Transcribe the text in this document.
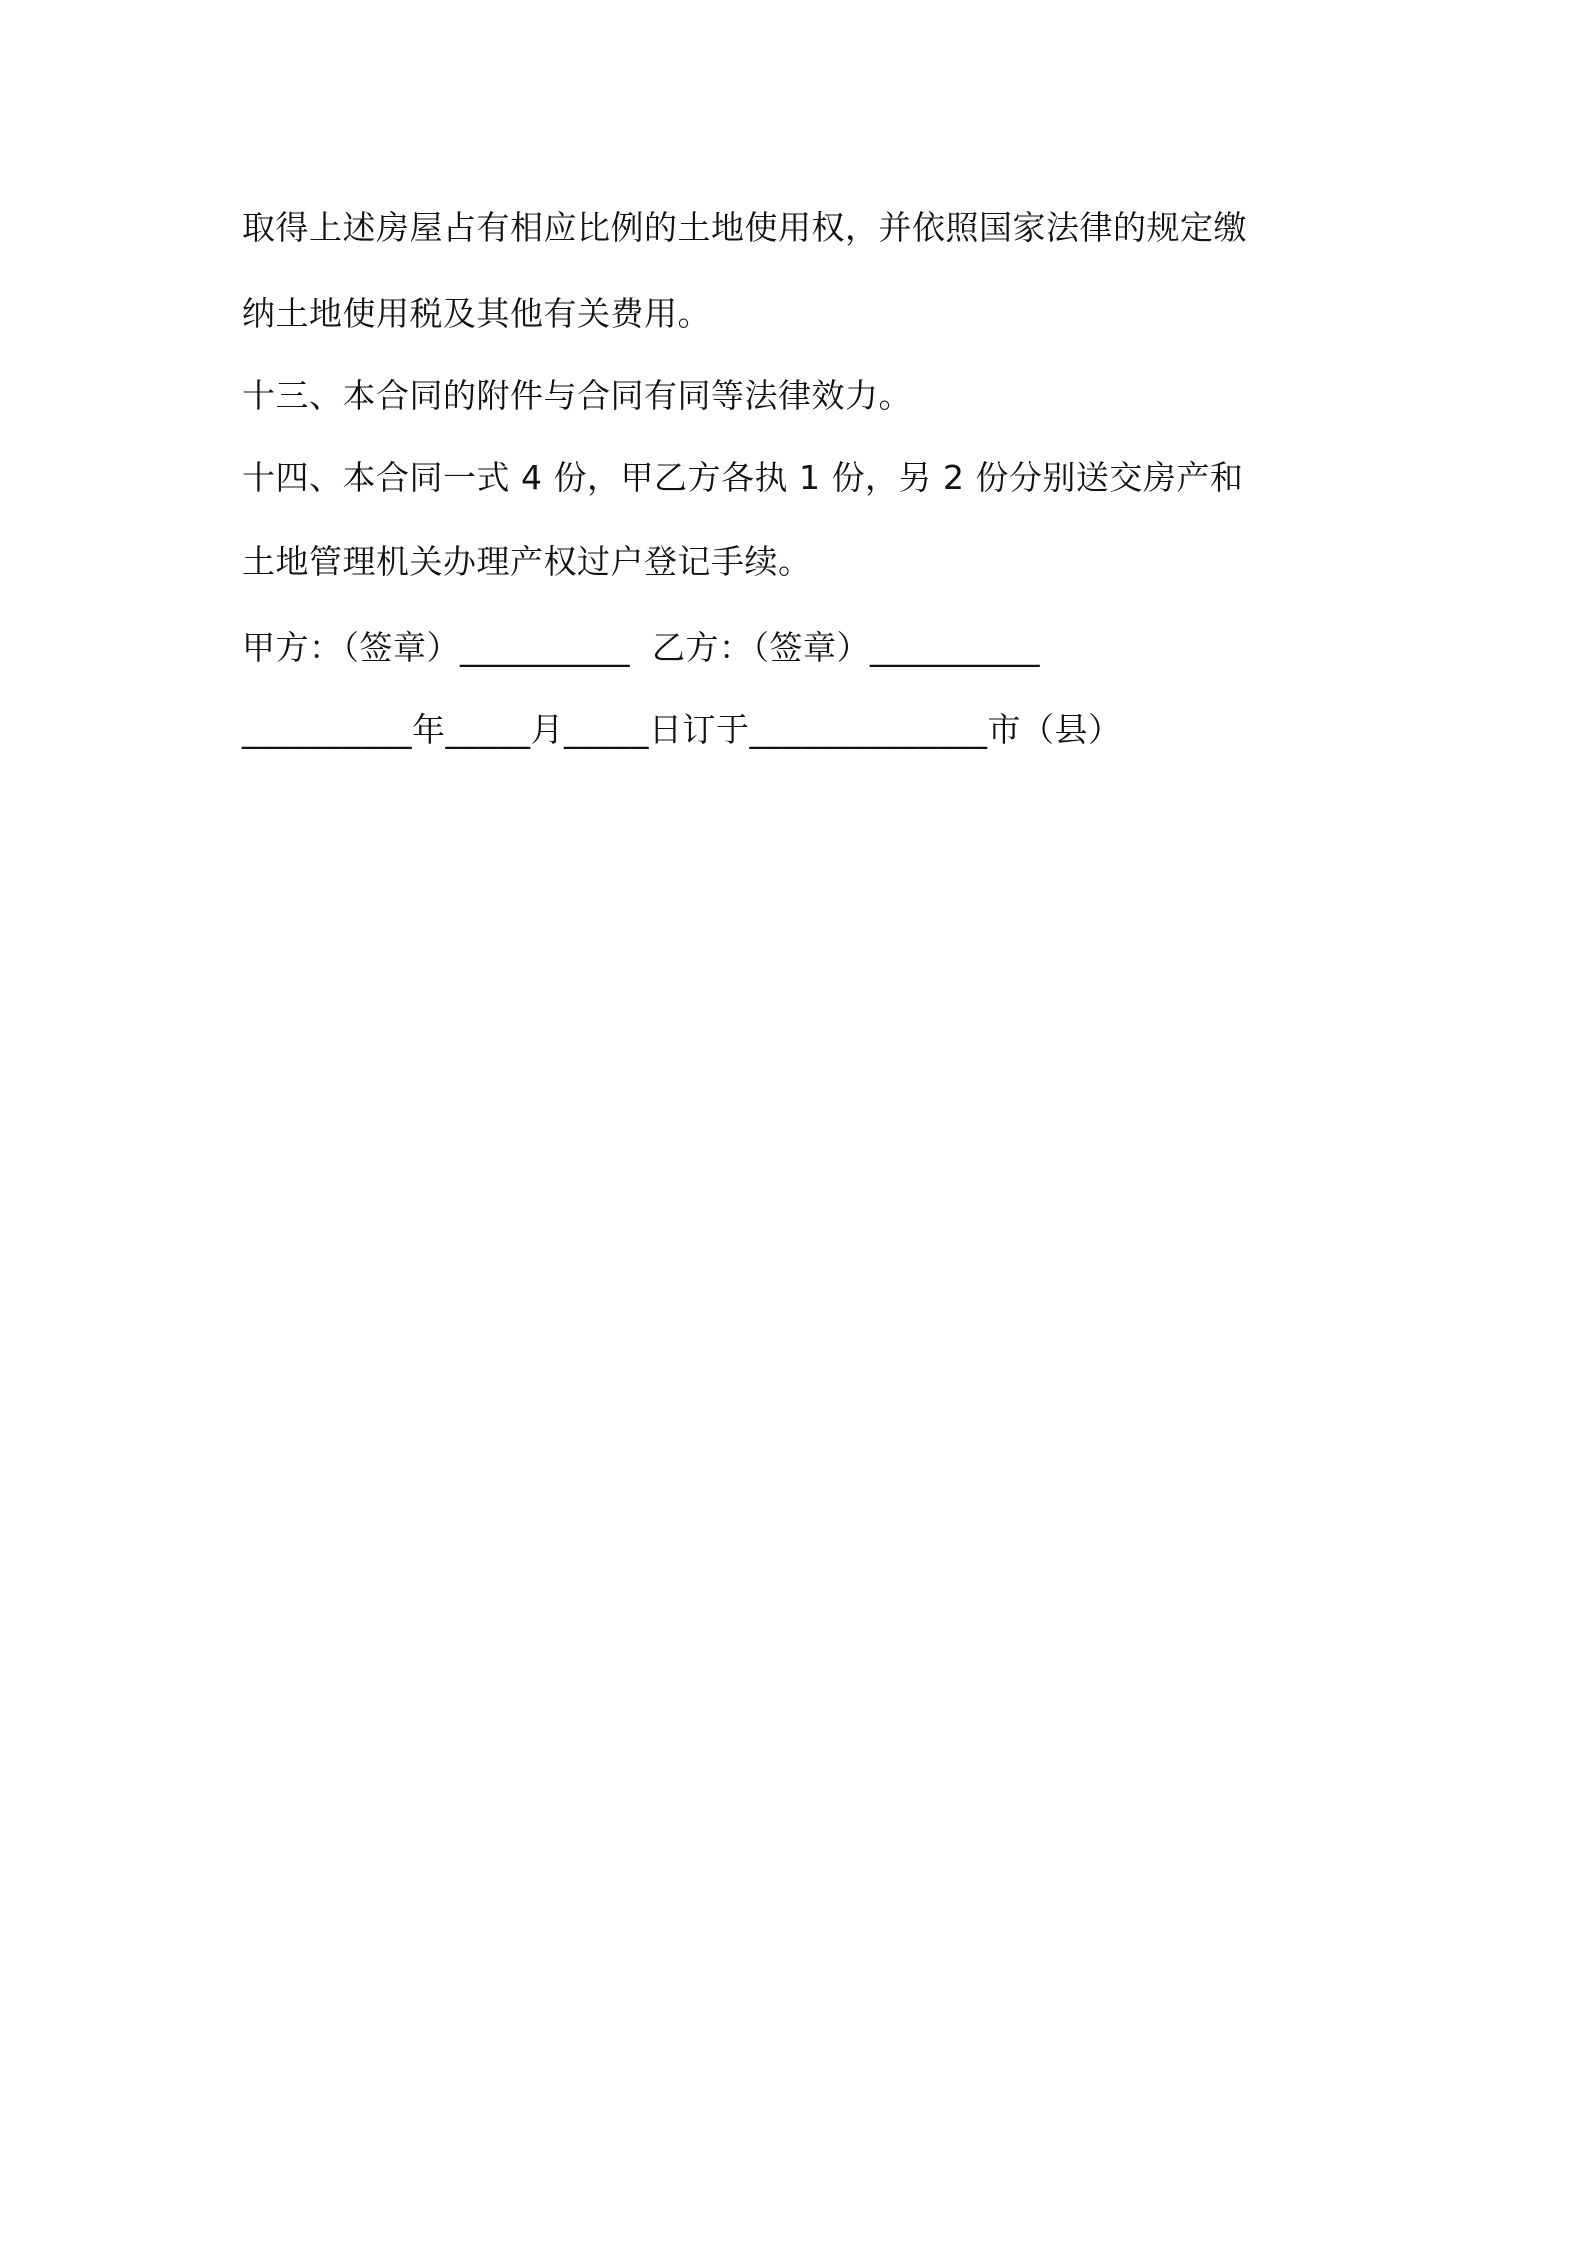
取得上述房屋占有相应比例的土地使用权，并依照国家法律的规定缴
纳土地使用税及其他有关费用。
十三、本合同的附件与合同有同等法律效力。
十四、本合同一式 4 份，甲乙方各执 1 份，另 2 份分别送交房产和
土地管理机关办理产权过户登记手续。
甲方：（签章）__________  乙方：（签章）__________
__________年_____月_____日订于______________市（县）
